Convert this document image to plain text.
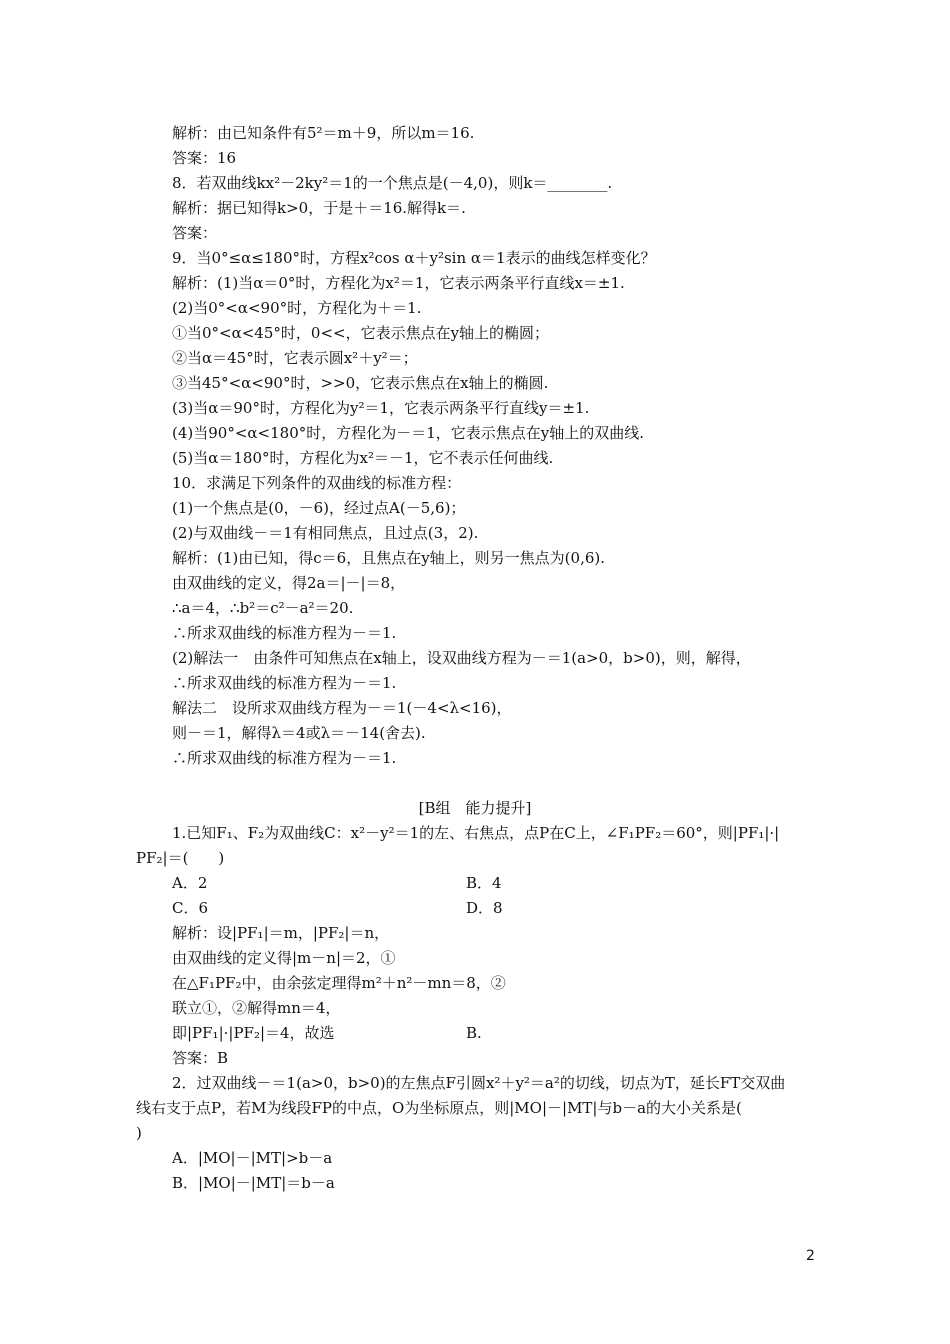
解析：由已知条件有5²＝m＋9，所以m＝16.
答案：16
8．若双曲线kx²－2ky²＝1的一个焦点是(－4,0)，则k＝________.
解析：据已知得k>0，于是＋＝16.解得k＝.
答案：
9．当0°≤α≤180°时，方程x²cos α＋y²sin α＝1表示的曲线怎样变化？
解析：(1)当α＝0°时，方程化为x²＝1，它表示两条平行直线x＝±1.
(2)当0°<α<90°时，方程化为＋＝1.
①当0°<α<45°时，0<<，它表示焦点在y轴上的椭圆；
②当α＝45°时，它表示圆x²＋y²＝；
③当45°<α<90°时，>>0，它表示焦点在x轴上的椭圆.
(3)当α＝90°时，方程化为y²＝1，它表示两条平行直线y＝±1.
(4)当90°<α<180°时，方程化为－＝1，它表示焦点在y轴上的双曲线.
(5)当α＝180°时，方程化为x²＝－1，它不表示任何曲线.
10．求满足下列条件的双曲线的标准方程：
(1)一个焦点是(0，－6)，经过点A(－5,6)；
(2)与双曲线－＝1有相同焦点，且过点(3，2).
解析：(1)由已知，得c＝6，且焦点在y轴上，则另一焦点为(0,6).
由双曲线的定义，得2a＝|－|＝8，
∴a＝4，∴b²＝c²－a²＝20.
∴所求双曲线的标准方程为－＝1.
(2)解法一　由条件可知焦点在x轴上，设双曲线方程为－＝1(a>0，b>0)，则，解得，
∴所求双曲线的标准方程为－＝1.
解法二　设所求双曲线方程为－＝1(－4<λ<16)，
则－＝1，解得λ＝4或λ＝－14(舍去).
∴所求双曲线的标准方程为－＝1.
[B组　能力提升]
1.已知F₁、F₂为双曲线C：x²－y²＝1的左、右焦点，点P在C上，∠F₁PF₂＝60°，则|PF₁|·|
PF₂|＝(　　)
A．2	B．4
C．6	D．8
解析：设|PF₁|＝m，|PF₂|＝n，
由双曲线的定义得|m－n|＝2，①
在△F₁PF₂中，由余弦定理得m²＋n²－mn＝8，②
联立①，②解得mn＝4，
即|PF₁|·|PF₂|＝4，故选	B.
答案：B
2．过双曲线－＝1(a>0，b>0)的左焦点F引圆x²＋y²＝a²的切线，切点为T，延长FT交双曲
线右支于点P，若M为线段FP的中点，O为坐标原点，则|MO|－|MT|与b－a的大小关系是(
)
A．|MO|－|MT|>b－a
B．|MO|－|MT|＝b－a
2
